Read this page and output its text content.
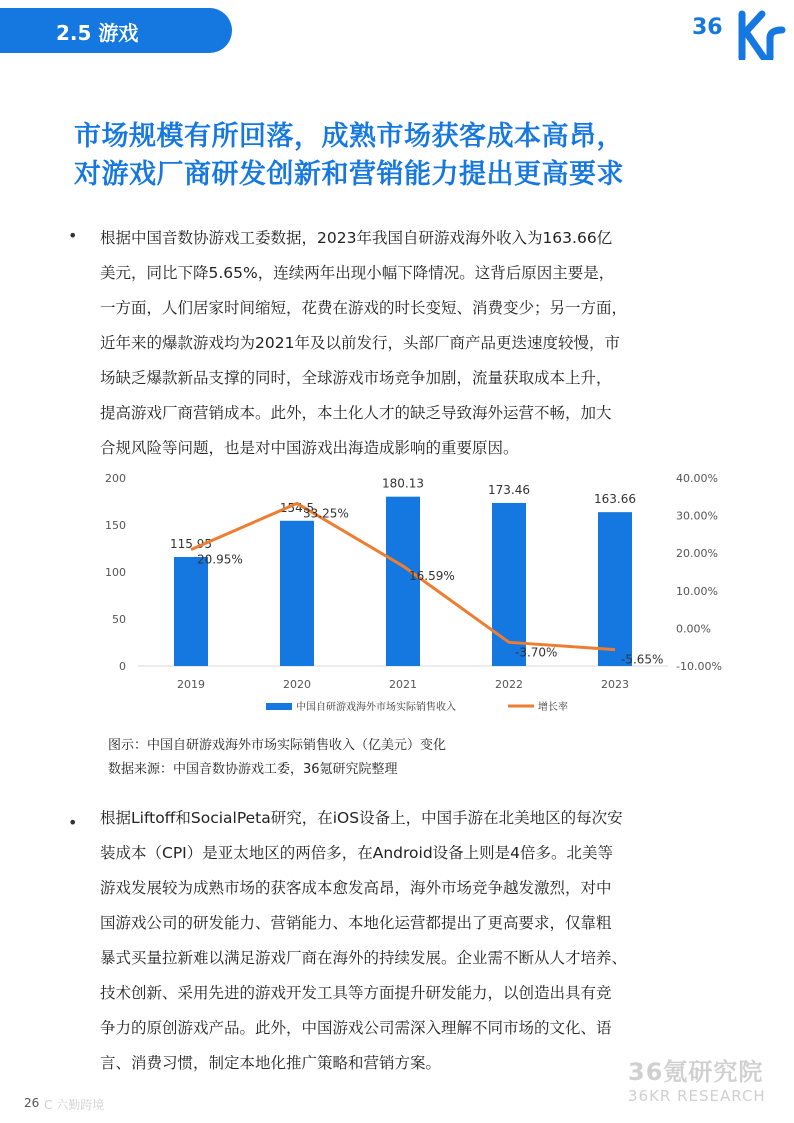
2.5 游戏	36
市场规模有所回落，成熟市场获客成本高昂，
对游戏厂商研发创新和营销能力提出更高要求
• 根据中国音数协游戏工委数据，2023年我国自研游戏海外收入为163.66亿
美元，同比下降5.65%，连续两年出现小幅下降情况。这背后原因主要是，
一方面，人们居家时间缩短，花费在游戏的时长变短、消费变少；另一方面，
近年来的爆款游戏均为2021年及以前发行，头部厂商产品更迭速度较慢，市
场缺乏爆款新品支撑的同时，全球游戏市场竞争加剧，流量获取成本上升，
提高游戏厂商营销成本。此外，本土化人才的缺乏导致海外运营不畅，加大
合规风险等问题，也是对中国游戏出海造成影响的重要原因。
0
50
100
150
200
-10.00%
0.00%
10.00%
20.00%
30.00%
40.00%
115.95
154.5
180.13	173.46
163.66
2019	2020	2021	2022	2023
20.95%
33.25%
16.59%
-3.70%
-5.65%
中国自研游戏海外市场实际销售收入	增长率
图示：中国自研游戏海外市场实际销售收入（亿美元）变化
数据来源：中国音数协游戏工委，36氪研究院整理
• 根据Liftoff和SocialPeta研究，在iOS设备上，中国手游在北美地区的每次安
装成本（CPI）是亚太地区的两倍多，在Android设备上则是4倍多。北美等
游戏发展较为成熟市场的获客成本愈发高昂，海外市场竞争越发激烈，对中
国游戏公司的研发能力、营销能力、本地化运营都提出了更高要求，仅靠粗
暴式买量拉新难以满足游戏厂商在海外的持续发展。企业需不断从人才培养、
技术创新、采用先进的游戏开发工具等方面提升研发能力，以创造出具有竞
争力的原创游戏产品。此外，中国游戏公司需深入理解不同市场的文化、语
言、消费习惯，制定本地化推广策略和营销方案。	36氪研究院
36KR RESEARCH
26 C 六勤跨境
